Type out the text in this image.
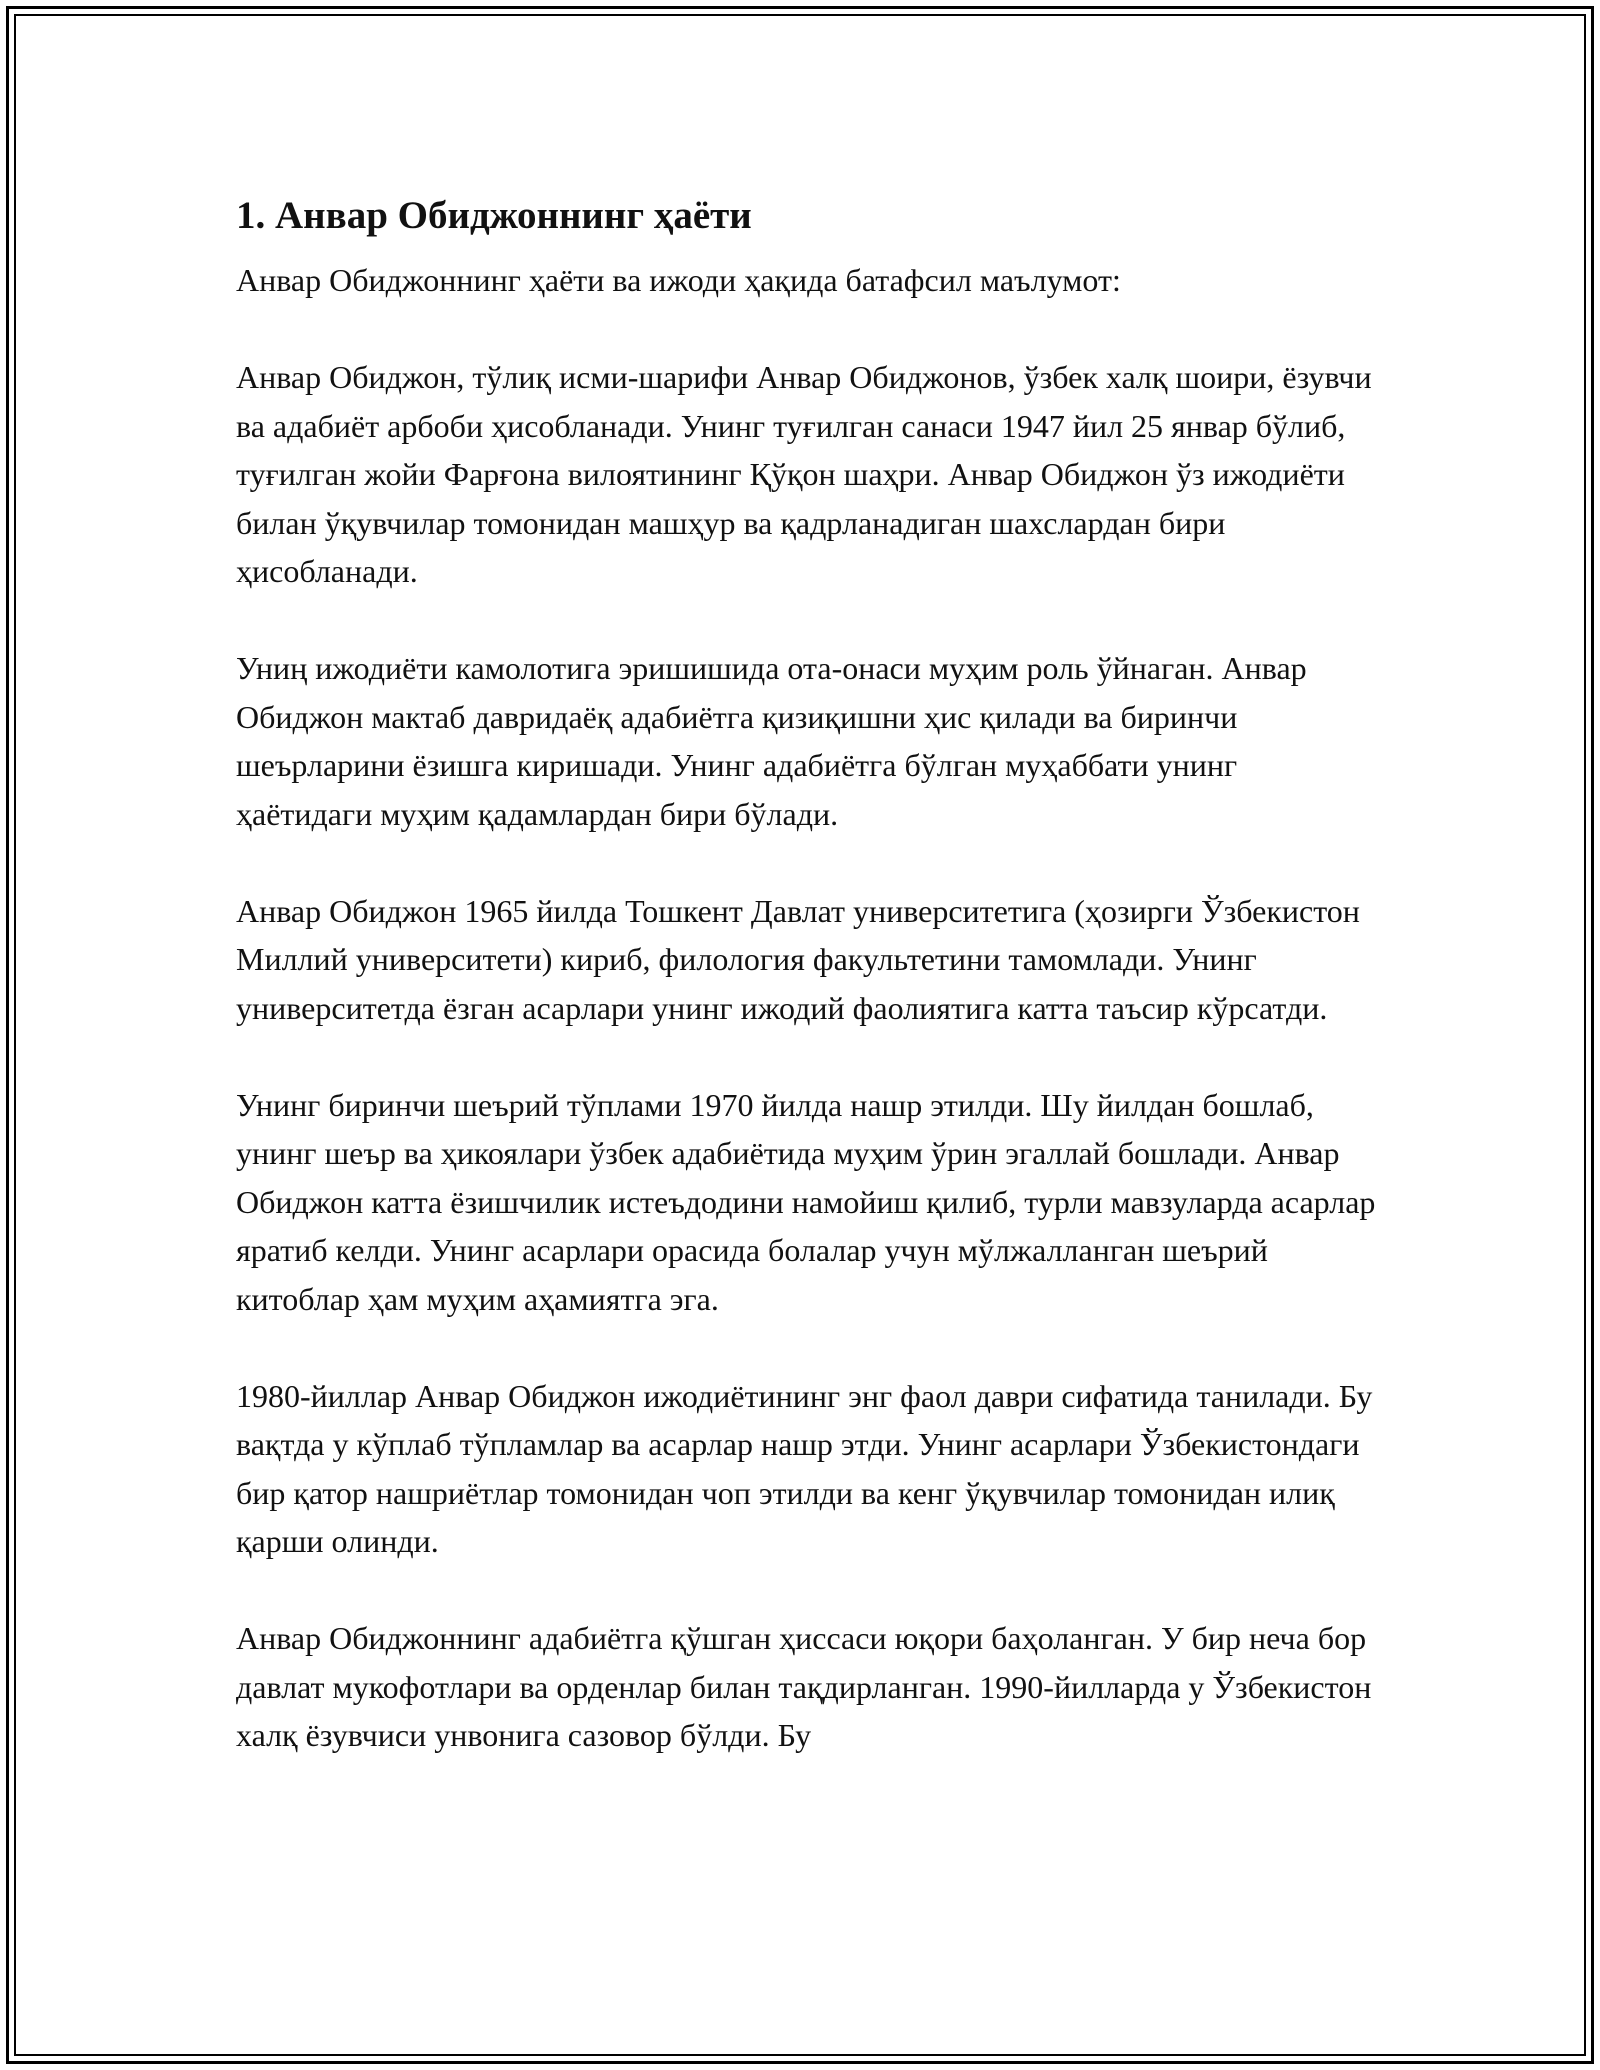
1. Анвар Обиджоннинг ҳаёти

Анвар Обиджоннинг ҳаёти ва ижоди ҳақида батафсил маълумот:

Анвар Обиджон, тўлиқ исми-шарифи Анвар Обиджонов, ўзбек халқ шоири, ёзувчи ва адабиёт арбоби ҳисобланади. Унинг туғилган санаси 1947 йил 25 январ бўлиб, туғилган жойи Фарғона вилоятининг Қўқон шаҳри. Анвар Обиджон ўз ижодиёти билан ўқувчилар томонидан машҳур ва қадрланадиган шахслардан бири ҳисобланади.

Униң ижодиёти камолотига эришишида ота-онаси муҳим роль ўйнаган. Анвар Обиджон мактаб давридаёқ адабиётга қизиқишни ҳис қилади ва биринчи шеърларини ёзишга киришади. Унинг адабиётга бўлган муҳаббати унинг ҳаётидаги муҳим қадамлардан бири бўлади.

Анвар Обиджон 1965 йилда Тошкент Давлат университетига (ҳозирги Ўзбекистон Миллий университети) кириб, филология факультетини тамомлади. Унинг университетда ёзган асарлари унинг ижодий фаолиятига катта таъсир кўрсатди.

Унинг биринчи шеърий тўплами 1970 йилда нашр этилди. Шу йилдан бошлаб, унинг шеър ва ҳикоялари ўзбек адабиётида муҳим ўрин эгаллай бошлади. Анвар Обиджон катта ёзишчилик истеъдодини намойиш қилиб, турли мавзуларда асарлар яратиб келди. Унинг асарлари орасида болалар учун мўлжалланган шеърий китоблар ҳам муҳим аҳамиятга эга.

1980-йиллар Анвар Обиджон ижодиётининг энг фаол даври сифатида танилади. Бу вақтда у кўплаб тўпламлар ва асарлар нашр этди. Унинг асарлари Ўзбекистондаги бир қатор нашриётлар томонидан чоп этилди ва кенг ўқувчилар томонидан илиқ қарши олинди.

Анвар Обиджоннинг адабиётга қўшган ҳиссаси юқори баҳоланган. У бир неча бор давлат мукофотлари ва орденлар билан тақдирланган. 1990-йилларда у Ўзбекистон халқ ёзувчиси унвонига сазовор бўлди. Бу
